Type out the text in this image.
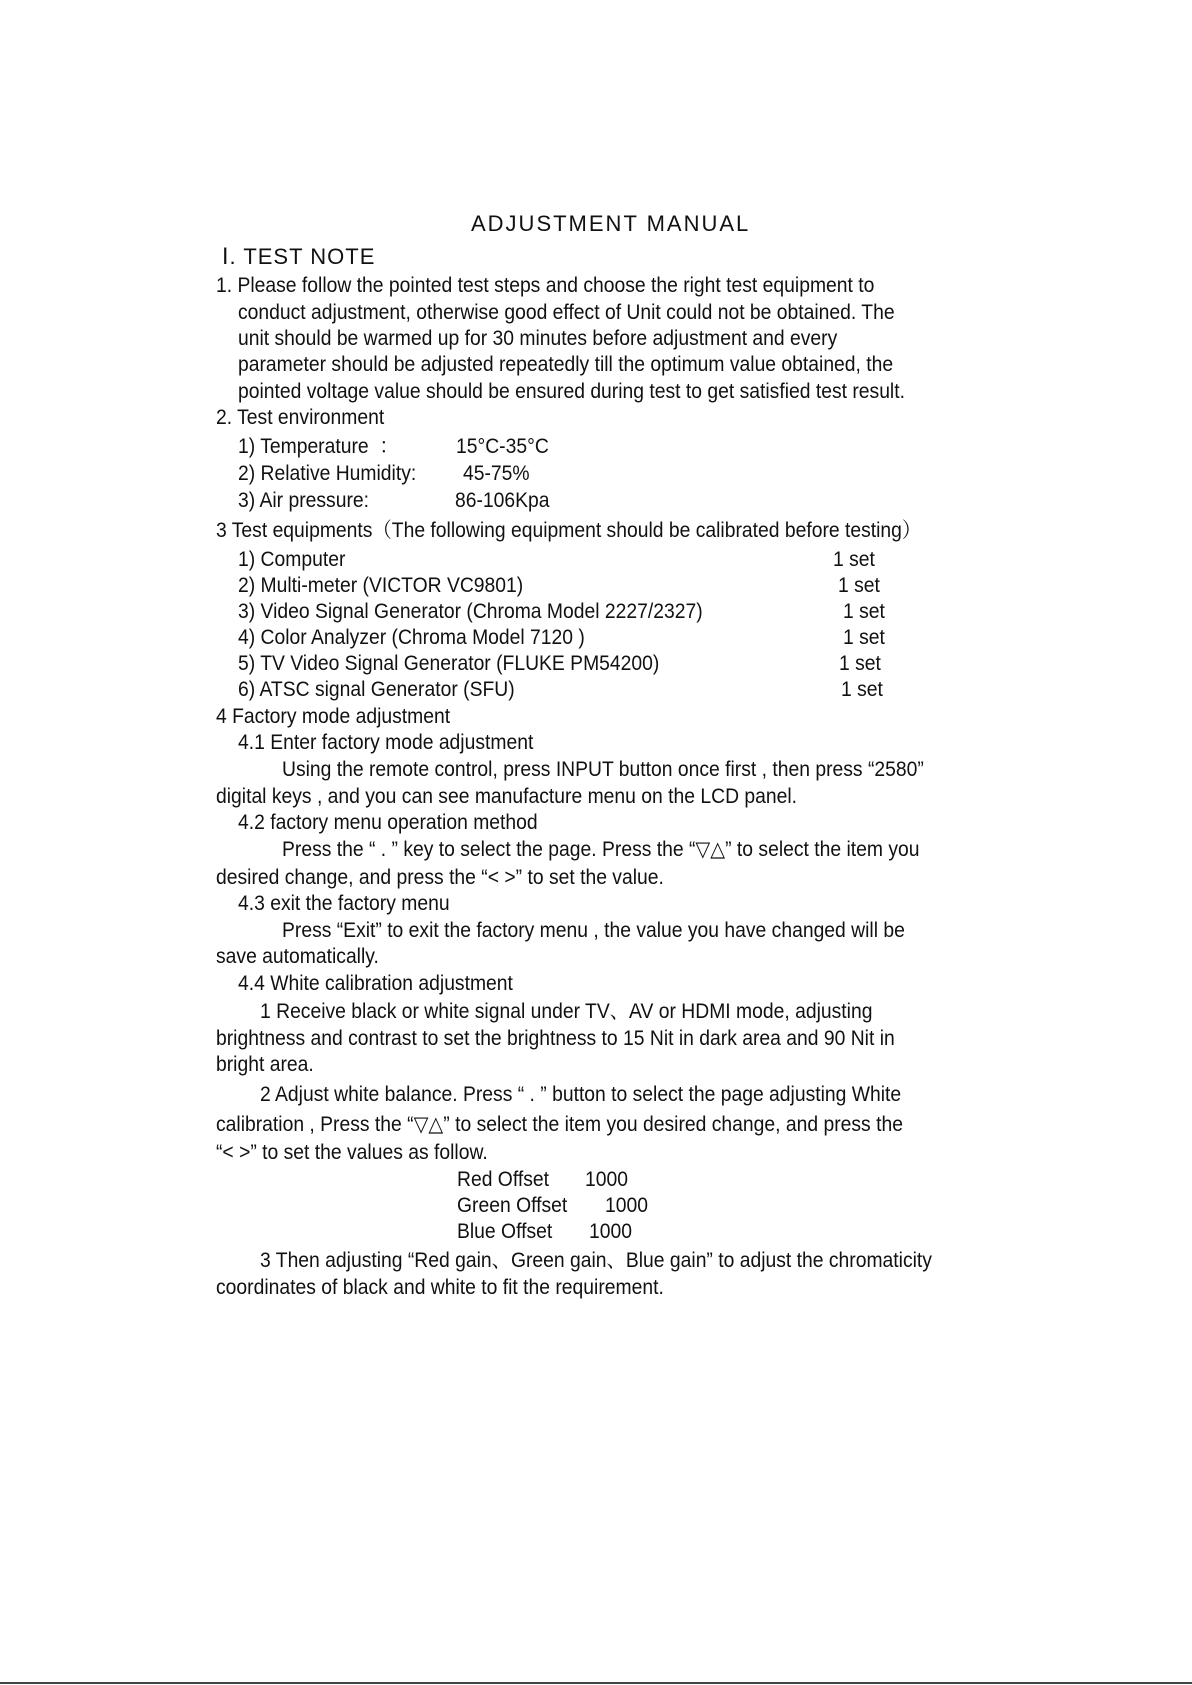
ADJUSTMENT MANUAL
Ⅰ. TEST NOTE
1. Please follow the pointed test steps and choose the right test equipment to
conduct adjustment, otherwise good effect of Unit could not be obtained. The
unit should be warmed up for 30 minutes before adjustment and every
parameter should be adjusted repeatedly till the optimum value obtained, the
pointed voltage value should be ensured during test to get satisfied test result.
2. Test environment
1) Temperature  ：	15°C-35°C
2) Relative Humidity: 45-75%
3) Air pressure:	86-106Kpa
3 Test equipments（The following equipment should be calibrated before testing）
1) Computer	1 set
2) Multi-meter (VICTOR VC9801)	1 set
3) Video Signal Generator (Chroma Model 2227/2327)	1 set
4) Color Analyzer (Chroma Model 7120 )	1 set
5) TV Video Signal Generator (FLUKE PM54200)	1 set
6) ATSC signal Generator (SFU)	1 set
4 Factory mode adjustment
4.1 Enter factory mode adjustment
Using the remote control, press INPUT button once first , then press “2580”
digital keys , and you can see manufacture menu on the LCD panel.
4.2 factory menu operation method
Press the “ . ” key to select the page. Press the “▽△” to select the item you
desired change, and press the “< >” to set the value.
4.3 exit the factory menu
Press “Exit” to exit the factory menu , the value you have changed will be
save automatically.
4.4 White calibration adjustment
1 Receive black or white signal under TV、AV or HDMI mode, adjusting
brightness and contrast to set the brightness to 15 Nit in dark area and 90 Nit in
bright area.
2 Adjust white balance. Press “ . ” button to select the page adjusting White
calibration , Press the “▽△” to select the item you desired change, and press the
“< >” to set the values as follow.
Red Offset 1000
Green Offset 1000
Blue Offset 1000
3 Then adjusting “Red gain、Green gain、Blue gain” to adjust the chromaticity
coordinates of black and white to fit the requirement.
